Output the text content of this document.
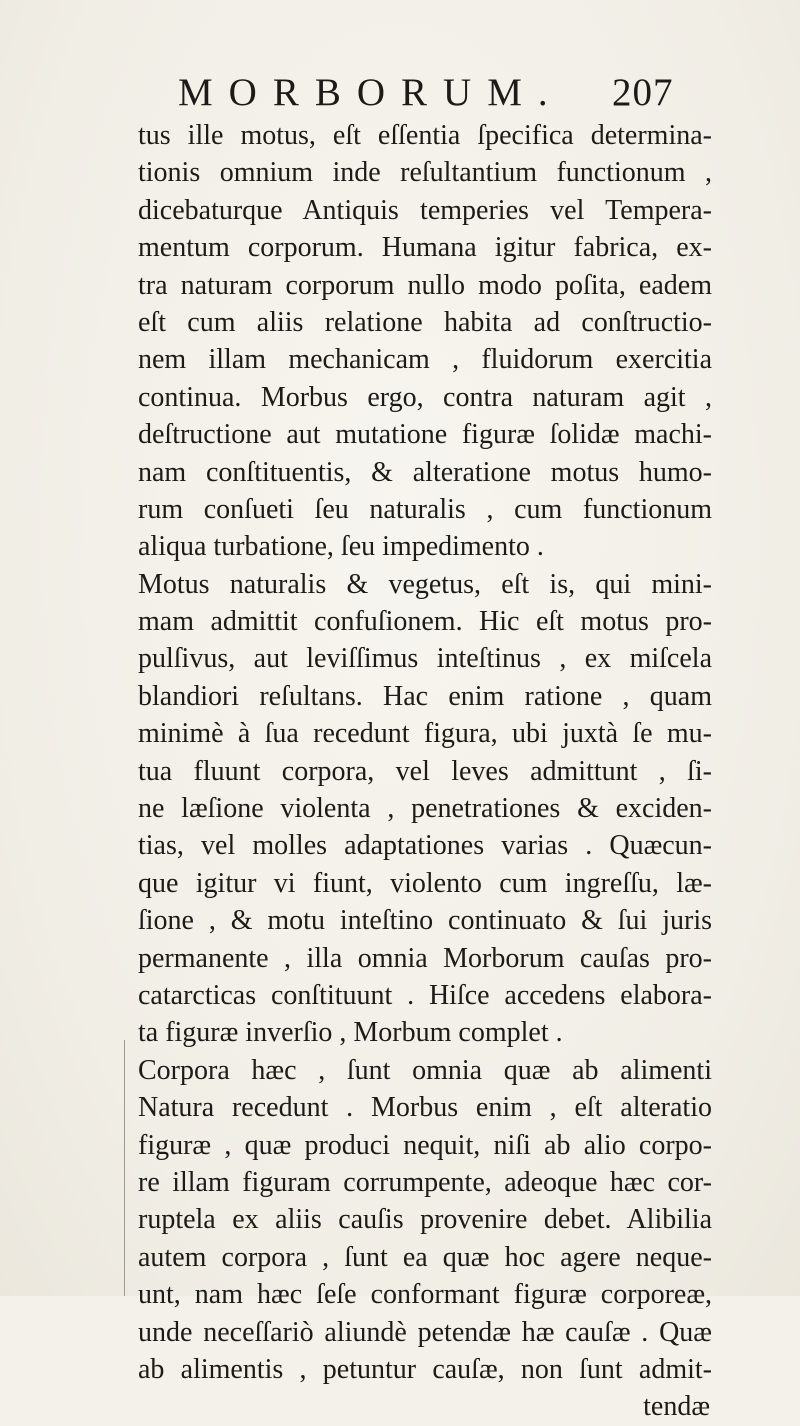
MORBORUM. 207
tus ille motus, eſt eſſentia ſpecifica determina-
tionis omnium inde reſultantium functionum ,
dicebaturque Antiquis temperies vel Tempera-
mentum corporum. Humana igitur fabrica, ex-
tra naturam corporum nullo modo poſita, eadem
eſt cum aliis relatione habita ad conſtructio-
nem illam mechanicam , fluidorum exercitia
continua. Morbus ergo, contra naturam agit ,
deſtructione aut mutatione figuræ ſolidæ machi-
nam conſtituentis, & alteratione motus humo-
rum conſueti ſeu naturalis , cum functionum
aliqua turbatione, ſeu impedimento .
Motus naturalis & vegetus, eſt is, qui mini-
mam admittit confuſionem. Hic eſt motus pro-
pulſivus, aut leviſſimus inteſtinus , ex miſcela
blandiori reſultans. Hac enim ratione , quam
minimè à ſua recedunt figura, ubi juxtà ſe mu-
tua fluunt corpora, vel leves admittunt , ſi-
ne læſione violenta , penetrationes & exciden-
tias, vel molles adaptationes varias . Quæcun-
que igitur vi fiunt, violento cum ingreſſu, læ-
ſione , & motu inteſtino continuato & ſui juris
permanente , illa omnia Morborum cauſas pro-
catarcticas conſtituunt . Hiſce accedens elabora-
ta figuræ inverſio , Morbum complet .
Corpora hæc , ſunt omnia quæ ab alimenti
Natura recedunt . Morbus enim , eſt alteratio
figuræ , quæ produci nequit, niſi ab alio corpo-
re illam figuram corrumpente, adeoque hæc cor-
ruptela ex aliis cauſis provenire debet. Alibilia
autem corpora , ſunt ea quæ hoc agere neque-
unt, nam hæc ſeſe conformant figuræ corporeæ,
unde neceſſariò aliundè petendæ hæ cauſæ . Quæ
ab alimentis , petuntur cauſæ, non ſunt admit-
tendæ
